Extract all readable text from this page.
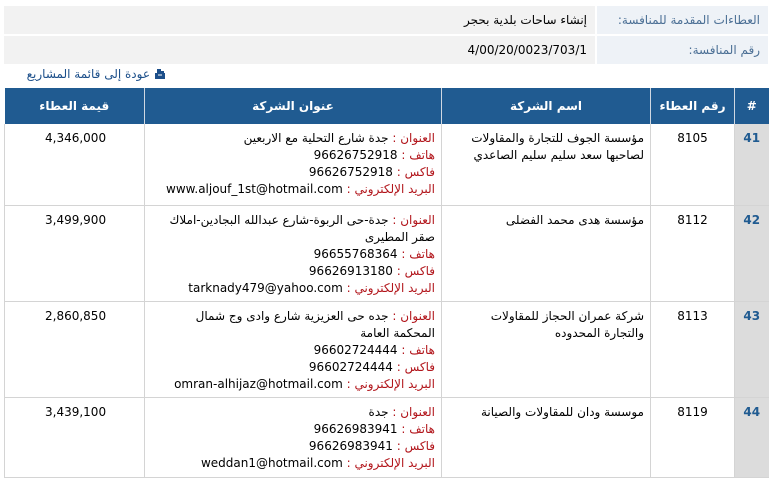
العطاءات المقدمة للمنافسة:	إنشاء ساحات بلدية بحجر
رقم المنافسة:	4/00/20/0023/703/1
عودة إلى قائمة المشاريع
#	رقم العطاء	اسم الشركة	عنوان الشركة	قيمة العطاء
41	8105	مؤسسة الجوف للتجارة والمقاولات لصاحبها سعد سليم سليم الصاعدي	العنوان : جدة شارع التحلية مع الاربعين
هاتف : 96626752918
فاكس : 96626752918
البريد الإلكتروني : www.aljouf_1st@hotmail.com	4,346,000

42	8112	مؤسسة هدى محمد الفضلى	العنوان : جدة-حى الربوة-شارع عبدالله البجادين-املاك صقر المطيرى
هاتف : 96655768364
فاكس : 96626913180
البريد الإلكتروني : tarknady479@yahoo.com	3,499,900

43	8113	شركة عمران الحجاز للمقاولات والتجارة المحدوده	العنوان : جده حى العزيزية شارع وادى وج شمال المحكمة العامة
هاتف : 96602724444
فاكس : 96602724444
البريد الإلكتروني : omran-alhijaz@hotmail.com	2,860,850

44	8119	موسسة ودان للمقاولات والصيانة	العنوان : جدة
هاتف : 96626983941
فاكس : 96626983941
البريد الإلكتروني : weddan1@hotmail.com	3,439,100
